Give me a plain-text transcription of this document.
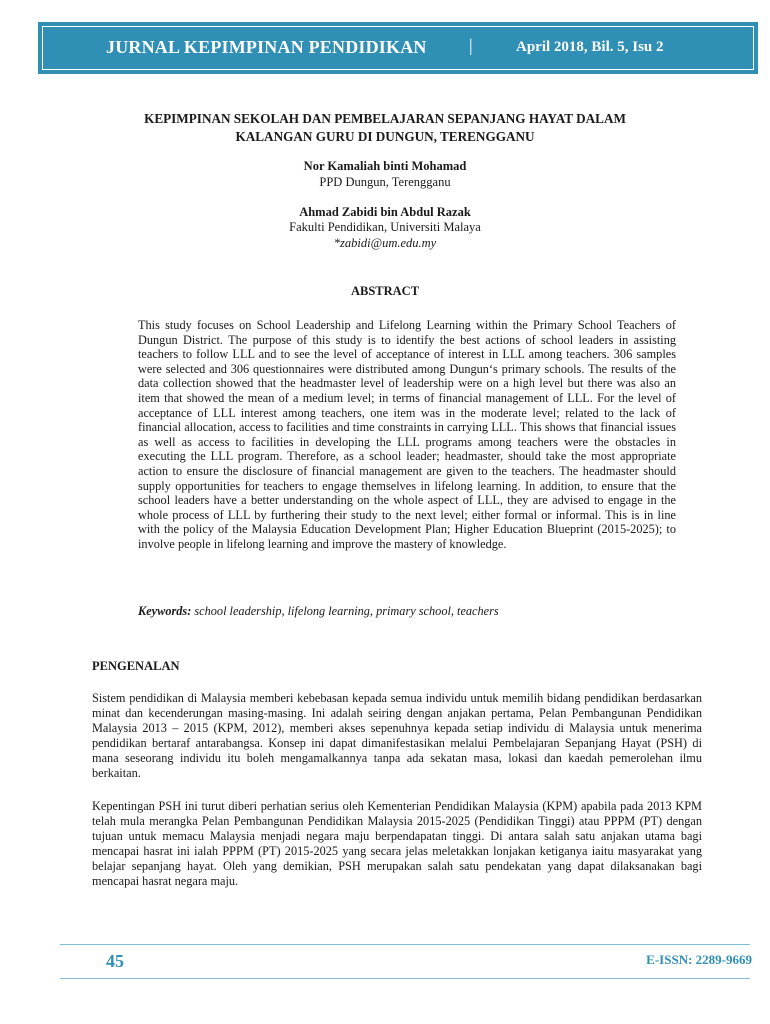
JURNAL KEPIMPINAN PENDIDIKAN |	April 2018, Bil. 5, Isu 2
KEPIMPINAN SEKOLAH DAN PEMBELAJARAN SEPANJANG HAYAT DALAM
KALANGAN GURU DI DUNGUN, TERENGGANU
Nor Kamaliah binti Mohamad
PPD Dungun, Terengganu
Ahmad Zabidi bin Abdul Razak
Fakulti Pendidikan, Universiti Malaya
*zabidi@um.edu.my
ABSTRACT
This study focuses on School Leadership and Lifelong Learning within the Primary School Teachers of Dungun District. The purpose of this study is to identify the best actions of school leaders in assisting teachers to follow LLL and to see the level of acceptance of interest in LLL among teachers. 306 samples were selected and 306 questionnaires were distributed among Dungun‘s primary schools. The results of the data collection showed that the headmaster level of leadership were on a high level but there was also an item that showed the mean of a medium level; in terms of financial management of LLL. For the level of acceptance of LLL interest among teachers, one item was in the moderate level; related to the lack of financial allocation, access to facilities and time constraints in carrying LLL. This shows that financial issues as well as access to facilities in developing the LLL programs among teachers were the obstacles in executing the LLL program. Therefore, as a school leader; headmaster, should take the most appropriate action to ensure the disclosure of financial management are given to the teachers. The headmaster should supply opportunities for teachers to engage themselves in lifelong learning. In addition, to ensure that the school leaders have a better understanding on the whole aspect of LLL, they are advised to engage in the whole process of LLL by furthering their study to the next level; either formal or informal. This is in line with the policy of the Malaysia Education Development Plan; Higher Education Blueprint (2015-2025); to involve people in lifelong learning and improve the mastery of knowledge.
Keywords: school leadership, lifelong learning, primary school, teachers
PENGENALAN
Sistem pendidikan di Malaysia memberi kebebasan kepada semua individu untuk memilih bidang pendidikan berdasarkan minat dan kecenderungan masing-masing. Ini adalah seiring dengan anjakan pertama, Pelan Pembangunan Pendidikan Malaysia 2013 – 2015 (KPM, 2012), memberi akses sepenuhnya kepada setiap individu di Malaysia untuk menerima pendidikan bertaraf antarabangsa. Konsep ini dapat dimanifestasikan melalui Pembelajaran Sepanjang Hayat (PSH) di mana seseorang individu itu boleh mengamalkannya tanpa ada sekatan masa, lokasi dan kaedah pemerolehan ilmu berkaitan.
Kepentingan PSH ini turut diberi perhatian serius oleh Kementerian Pendidikan Malaysia (KPM) apabila pada 2013 KPM telah mula merangka Pelan Pembangunan Pendidikan Malaysia 2015-2025 (Pendidikan Tinggi) atau PPPM (PT) dengan tujuan untuk memacu Malaysia menjadi negara maju berpendapatan tinggi. Di antara salah satu anjakan utama bagi mencapai hasrat ini ialah PPPM (PT) 2015-2025 yang secara jelas meletakkan lonjakan ketiganya iaitu masyarakat yang belajar sepanjang hayat. Oleh yang demikian, PSH merupakan salah satu pendekatan yang dapat dilaksanakan bagi mencapai hasrat negara maju.
45	E-ISSN: 2289-9669
